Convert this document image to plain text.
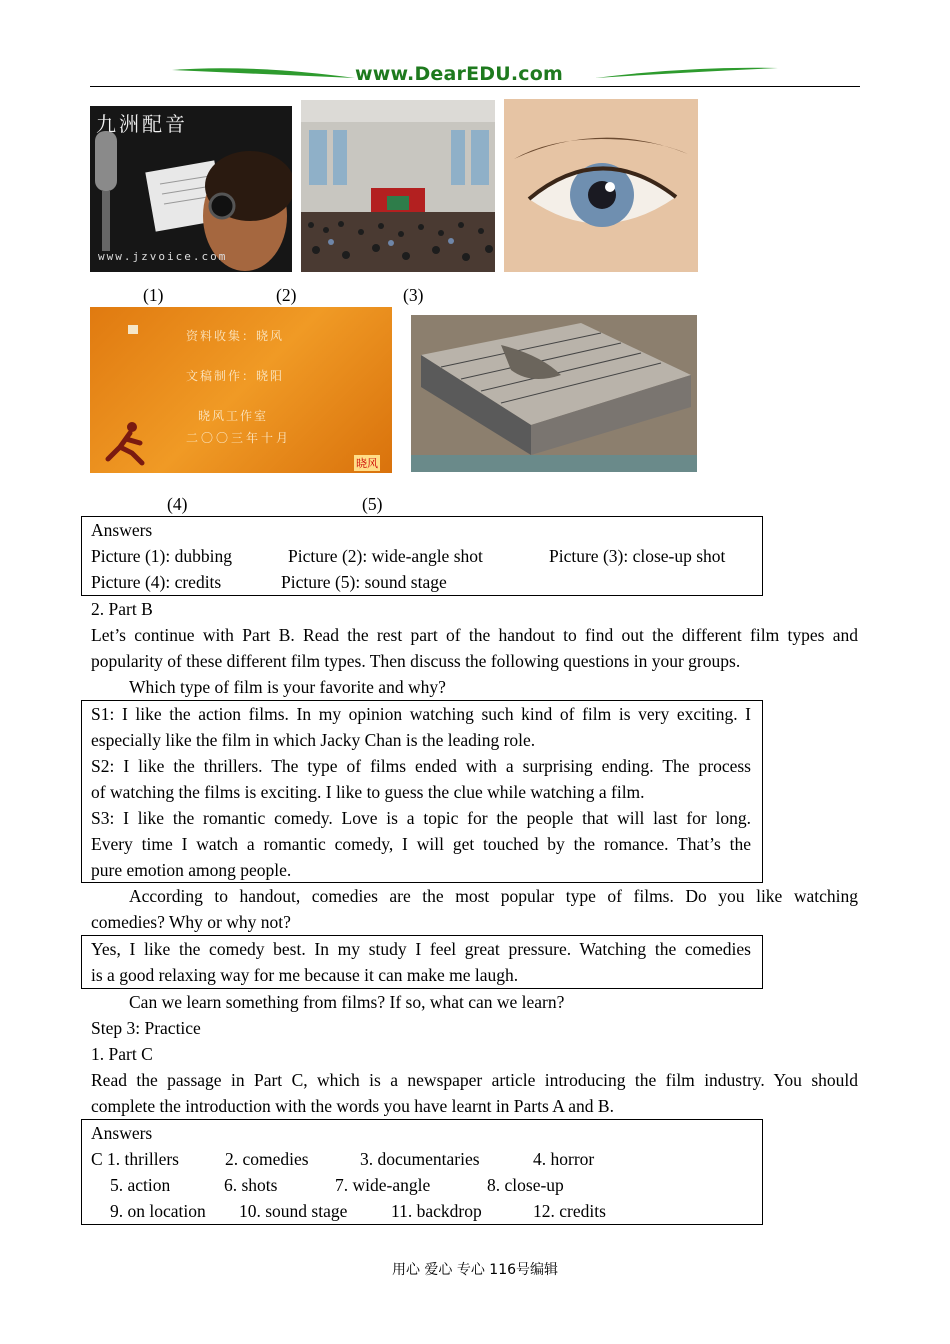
www.DearEDU.com
九洲配音
www.jzvoice.com
(1)	(2)	(3)
资料收集：晓风
文稿制作：晓阳
晓风工作室
二〇〇三年十月
晓风
(4)	(5)
Answers
Picture (1): dubbing	Picture (2): wide-angle shot	Picture (3): close-up shot
Picture (4): credits	Picture (5): sound stage
2. Part B
Let’s continue with Part B. Read the rest part of the handout to find out the different film types and
popularity of these different film types. Then discuss the following questions in your groups.
Which type of film is your favorite and why?
S1: I like the action films. In my opinion watching such kind of film is very exciting. I
especially like the film in which Jacky Chan is the leading role.
S2: I like the thrillers. The type of films ended with a surprising ending. The process
of watching the films is exciting. I like to guess the clue while watching a film.
S3: I like the romantic comedy. Love is a topic for the people that will last for long.
Every time I watch a romantic comedy, I will get touched by the romance. That’s the
pure emotion among people.
According to handout, comedies are the most popular type of films. Do you like watching
comedies? Why or why not?
Yes, I like the comedy best. In my study I feel great pressure. Watching the comedies
is a good relaxing way for me because it can make me laugh.
Can we learn something from films? If so, what can we learn?
Step 3: Practice
1. Part C
Read the passage in Part C, which is a newspaper article introducing the film industry. You should
complete the introduction with the words you have learnt in Parts A and B.
Answers
C 1. thrillers	2. comedies	3. documentaries	4. horror
5. action	6. shots	7. wide-angle	8. close-up
9. on location 10. sound stage 11. backdrop	12. credits
用心 爱心 专心 116号编辑
